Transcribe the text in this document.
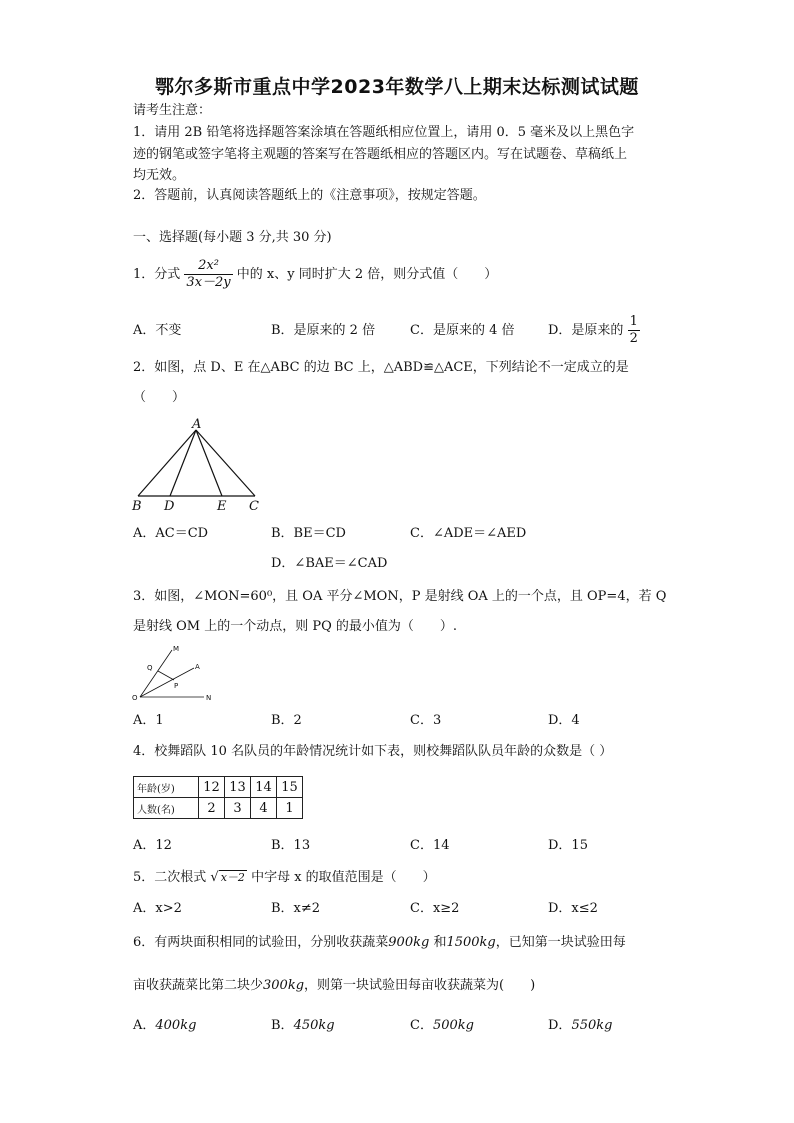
鄂尔多斯市重点中学2023年数学八上期末达标测试试题
请考生注意：
1．请用 2B 铅笔将选择题答案涂填在答题纸相应位置上，请用 0．5 毫米及以上黑色字
迹的钢笔或签字笔将主观题的答案写在答题纸相应的答题区内。写在试题卷、草稿纸上
均无效。
2．答题前，认真阅读答题纸上的《注意事项》，按规定答题。
一、选择题(每小题 3 分,共 30 分)
1．分式 $\frac{\text{2x²}}{3x-2y}$ 中的 x、y 同时扩大 2 倍，则分式值（　　）
A．不变	B．是原来的 2 倍	C．是原来的 4 倍	D．是原来的 $\frac{1}{2}$
2．如图，点 D、E 在△ABC 的边 BC 上，△ABD≌△ACE，下列结论不一定成立的是
（　　）
A
B D	E C
A．AC＝CD	B．BE＝CD	C．∠ADE＝∠AED
D．∠BAE＝∠CAD
3．如图，∠MON=60⁰，且 OA 平分∠MON，P 是射线 OA 上的一个点，且 OP=4，若 Q
是射线 OM 上的一个动点，则 PQ 的最小值为（　　）.
M
Q	A
P
O	N
A．1	B．2	C．3	D．4
4．校舞蹈队 10 名队员的年龄情况统计如下表，则校舞蹈队队员年龄的众数是（ ）
年龄(岁)	12	13	14	15
人数(名)	2	3	4	1
A．12	B．13	C．14	D．15
5．二次根式 √ x－2 中字母 x 的取值范围是（　　）
A．x>2	B．x≠2	C．x≥2	D．x≤2
6．有两块面积相同的试验田，分别收获蔬菜900kg 和1500kg，已知第一块试验田每
亩收获蔬菜比第二块少300kg，则第一块试验田每亩收获蔬菜为(　　)
A．400kg	B．450kg	C．500kg	D．550kg
